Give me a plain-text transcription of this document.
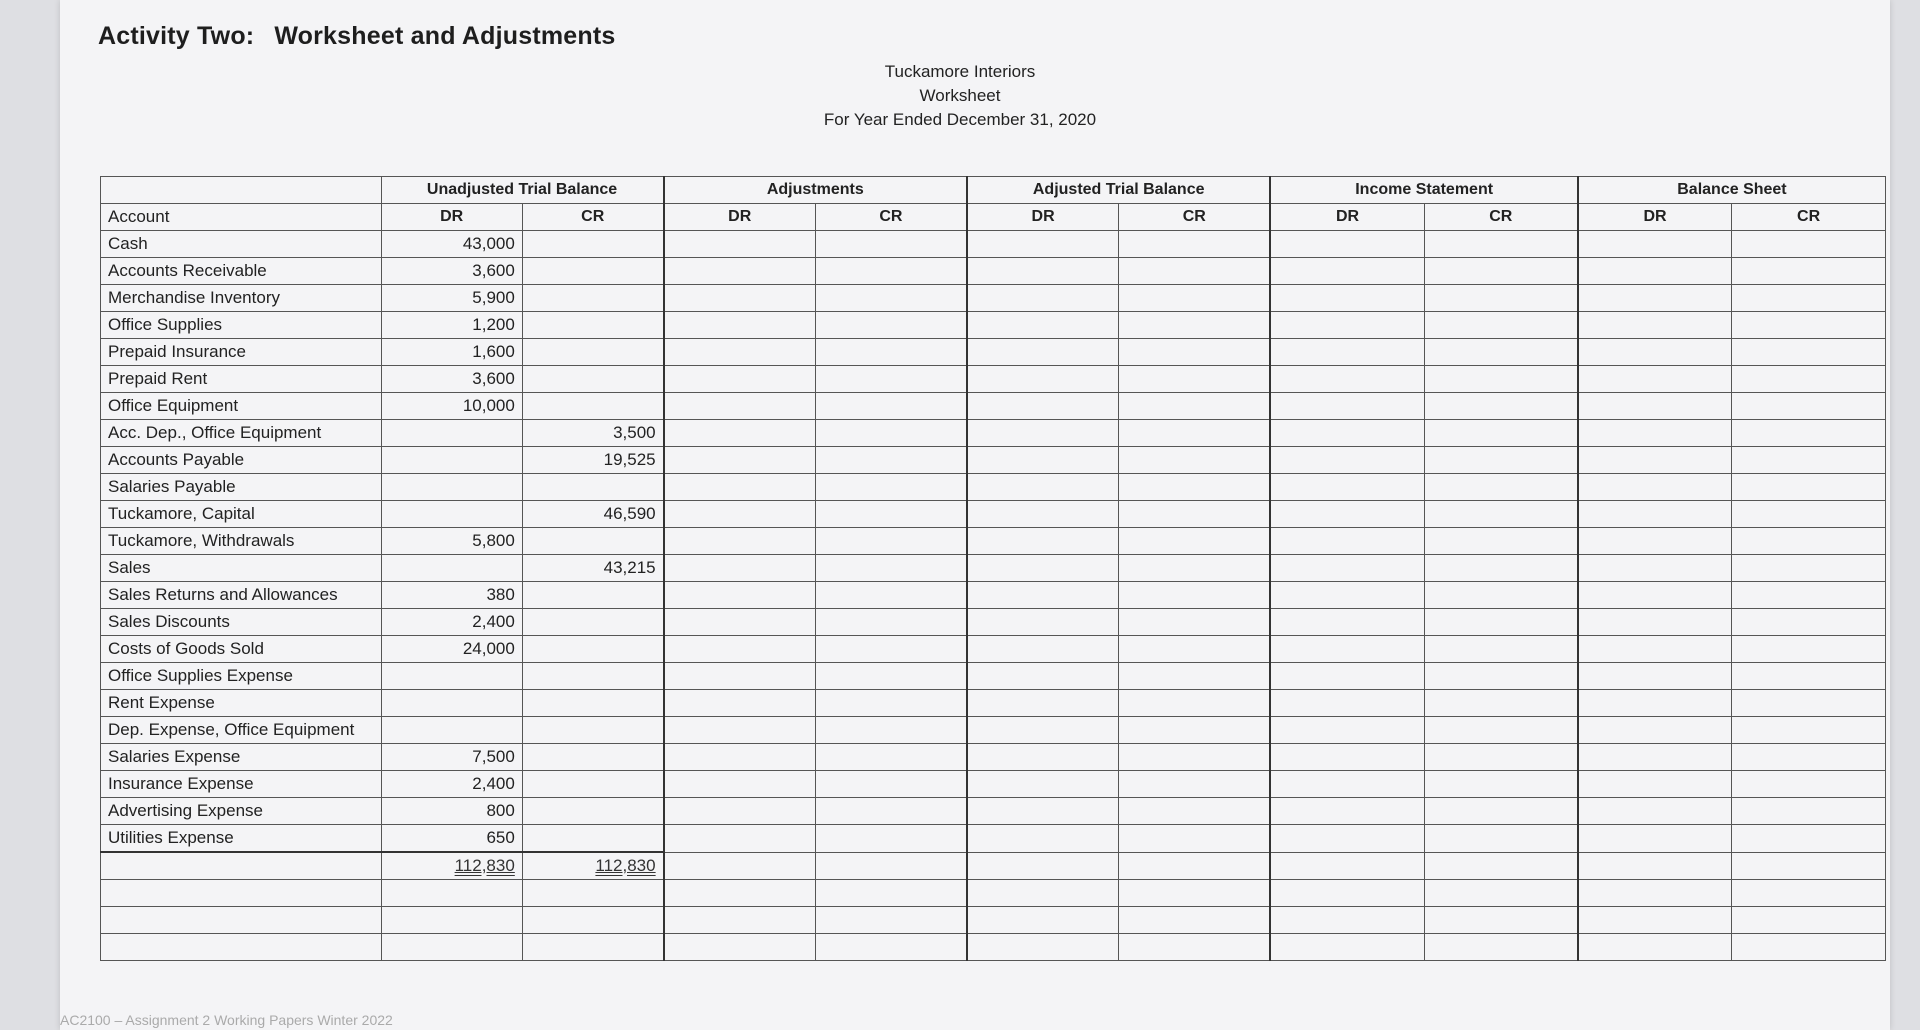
Activity Two: Worksheet and Adjustments
Tuckamore Interiors
Worksheet
For Year Ended December 31, 2020
	Unadjusted Trial Balance		Adjustments		Adjusted Trial Balance		Income Statement		Balance Sheet	
Account	DR	CR	DR	CR	DR	CR	DR	CR	DR	CR
Cash	43,000									
Accounts Receivable	3,600									
Merchandise Inventory	5,900									
Office Supplies	1,200									
Prepaid Insurance	1,600									
Prepaid Rent	3,600									
Office Equipment	10,000									
Acc. Dep., Office Equipment		3,500								
Accounts Payable		19,525								
Salaries Payable										
Tuckamore, Capital		46,590								
Tuckamore, Withdrawals	5,800									
Sales		43,215								
Sales Returns and Allowances	380									
Sales Discounts	2,400									
Costs of Goods Sold	24,000									
Office Supplies Expense										
Rent Expense										
Dep. Expense, Office Equipment										
Salaries Expense	7,500									
Insurance Expense	2,400									
Advertising Expense	800									
Utilities Expense	650									
	112,830	112,830								

AC2100 – Assignment 2 Working Papers Winter 2022
